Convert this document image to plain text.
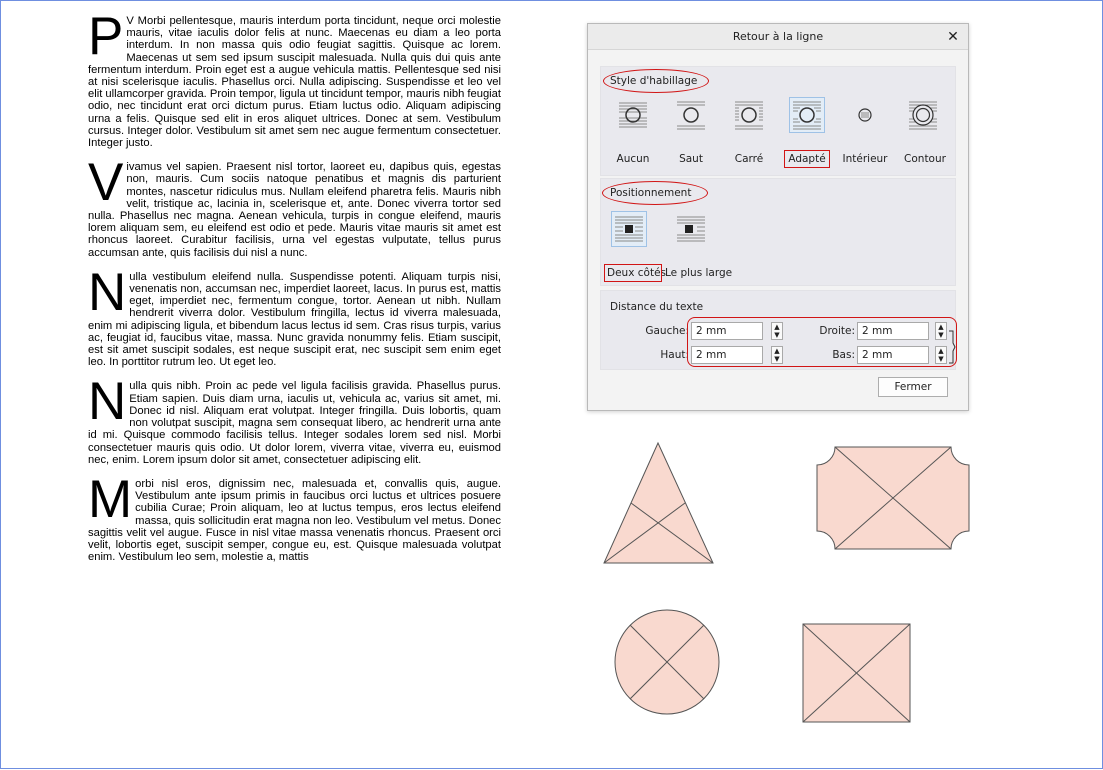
P V Morbi pellentesque, mauris interdum porta tincidunt, neque orci molestie mauris, vitae iaculis dolor felis at nunc. Maecenas eu diam a leo porta interdum. In non massa quis odio feugiat sagittis. Quisque ac lorem. Maecenas ut sem sed ipsum suscipit malesuada. Nulla quis dui quis ante fermentum interdum. Proin eget est a augue vehicula mattis. Pellentesque sed nisi at nisi scelerisque iaculis. Phasellus orci. Nulla adipiscing. Suspendisse et leo vel elit ullamcorper gravida. Proin tempor, ligula ut tincidunt tempor, mauris nibh feugiat odio, nec tincidunt erat orci dictum purus. Etiam luctus odio. Aliquam adipiscing urna a felis. Quisque sed elit in eros aliquet ultrices. Donec at sem. Vestibulum cursus. Integer dolor. Vestibulum sit amet sem nec augue fermentum consectetuer. Integer justo.

Vivamus vel sapien. Praesent nisl tortor, laoreet eu, dapibus quis, egestas non, mauris. Cum sociis natoque penatibus et magnis dis parturient montes, nascetur ridiculus mus. Nullam eleifend pharetra felis. Mauris nibh velit, tristique ac, lacinia in, scelerisque et, ante. Donec viverra tortor sed nulla. Phasellus nec magna. Aenean vehicula, turpis in congue eleifend, mauris lorem aliquam sem, eu eleifend est odio et pede. Mauris vitae mauris sit amet est rhoncus laoreet. Curabitur facilisis, urna vel egestas vulputate, tellus purus accumsan ante, quis facilisis dui nisl a nunc.

Nulla vestibulum eleifend nulla. Suspendisse potenti. Aliquam turpis nisi, venenatis non, accumsan nec, imperdiet laoreet, lacus. In purus est, mattis eget, imperdiet nec, fermentum congue, tortor. Aenean ut nibh. Nullam hendrerit viverra dolor. Vestibulum fringilla, lectus id viverra malesuada, enim mi adipiscing ligula, et bibendum lacus lectus id sem. Cras risus turpis, varius ac, feugiat id, faucibus vitae, massa. Nunc gravida nonummy felis. Etiam suscipit, est sit amet suscipit sodales, est neque suscipit erat, nec suscipit sem enim eget leo. In porttitor rutrum leo. Ut eget leo.

Nulla quis nibh. Proin ac pede vel ligula facilisis gravida. Phasellus purus. Etiam sapien. Duis diam urna, iaculis ut, vehicula ac, varius sit amet, mi. Donec id nisl. Aliquam erat volutpat. Integer fringilla. Duis lobortis, quam non volutpat suscipit, magna sem consequat libero, ac hendrerit urna ante id mi. Quisque commodo facilisis tellus. Integer sodales lorem sed nisl. Morbi consectetuer mauris quis odio. Ut dolor lorem, viverra vitae, viverra eu, euismod nec, enim. Lorem ipsum dolor sit amet, consectetuer adipiscing elit.

Morbi nisl eros, dignissim nec, malesuada et, convallis quis, augue. Vestibulum ante ipsum primis in faucibus orci luctus et ultrices posuere cubilia Curae; Proin aliquam, leo at luctus tempus, eros lectus eleifend massa, quis sollicitudin erat magna non leo. Vestibulum vel metus. Donec sagittis velit vel augue. Fusce in nisl vitae massa venenatis rhoncus. Praesent orci velit, lobortis eget, suscipit semper, congue eu, est. Quisque malesuada volutpat enim. Vestibulum leo sem, molestie a, mattis

Retour à la ligne	✕
Style d'habillage
Aucun	Saut	Carré	Adapté	Intérieur	Contour
Positionnement
Deux côtés Le plus large
Distance du texte
Gauche: 2 mm	▲
▼	Droite: 2 mm	▲
▼
Haut: 2 mm	▲
▼	Bas: 2 mm	▲
▼
Fermer
